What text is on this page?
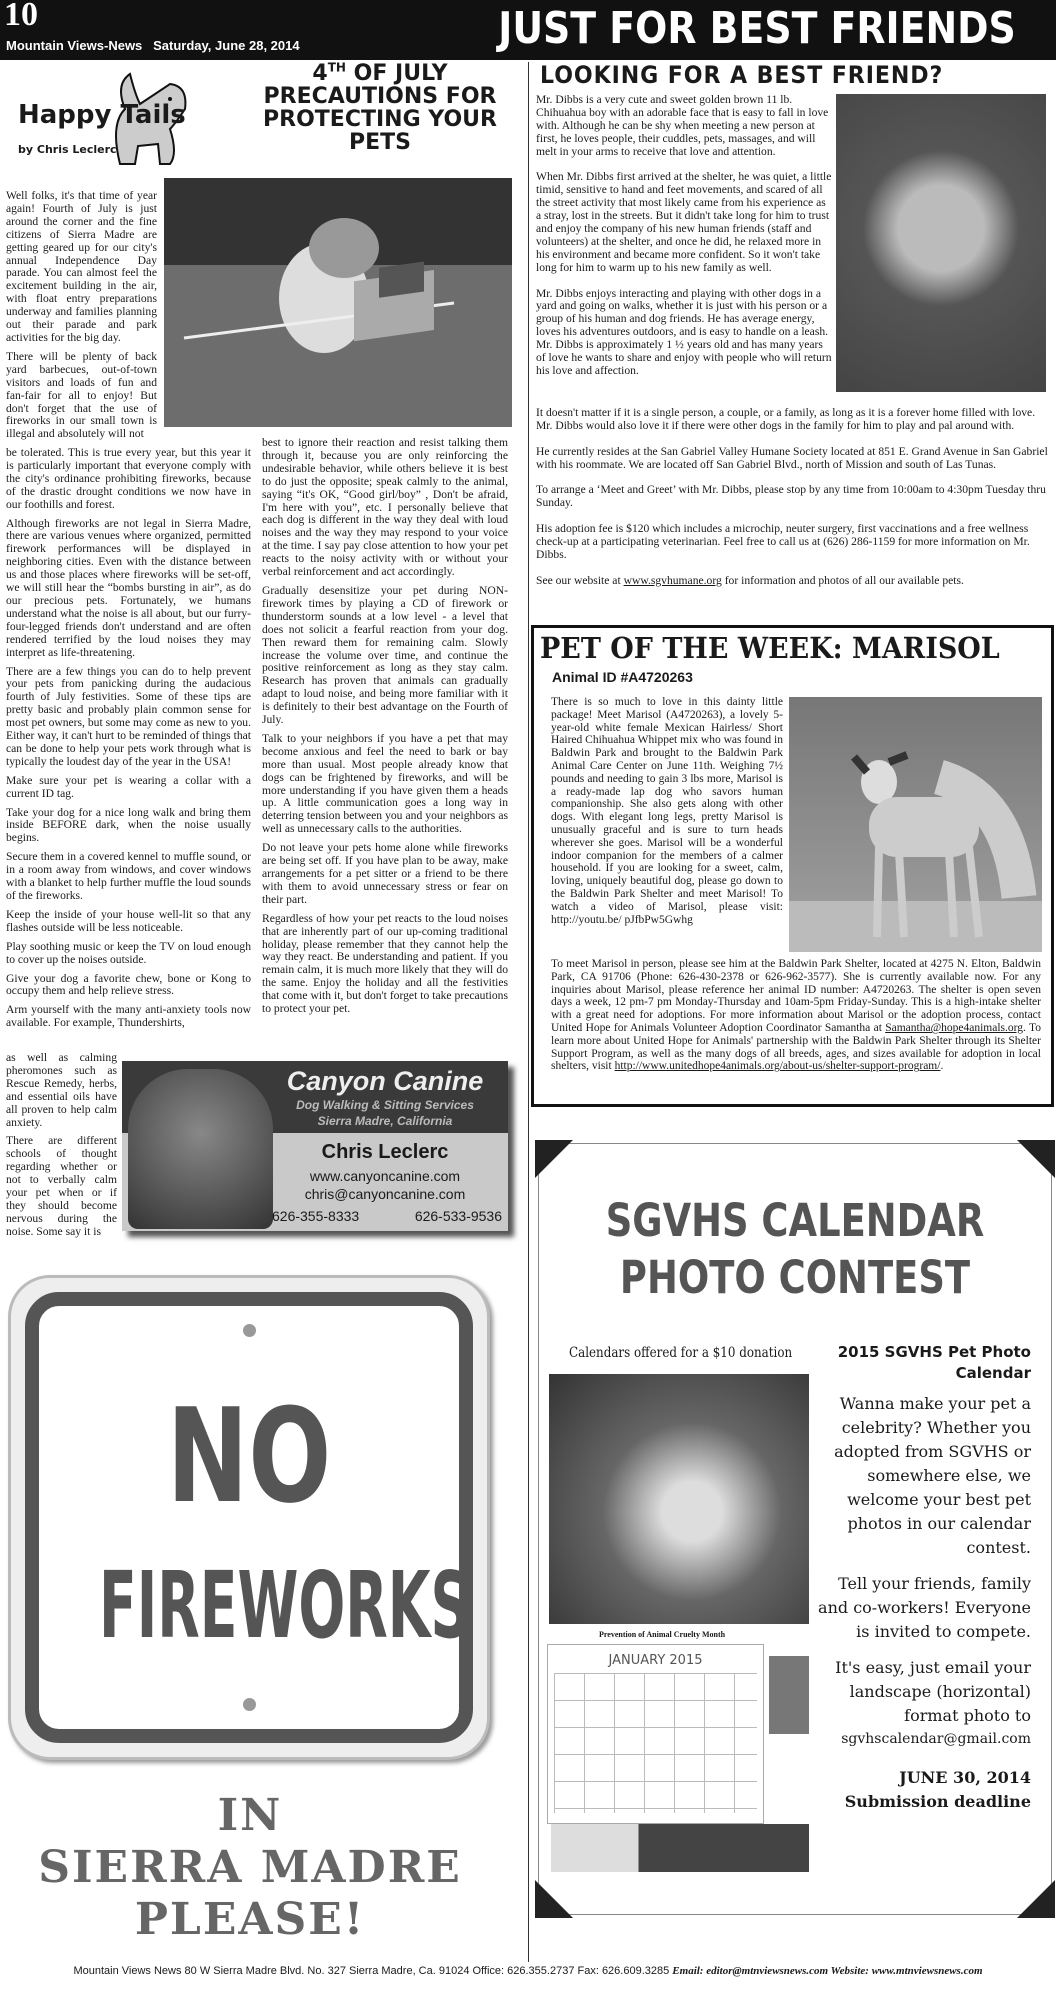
10
Mountain Views-News Saturday, June 28, 2014	JUST FOR BEST FRIENDS
Happy Tails
by Chris Leclerc
4TH OF JULY PRECAUTIONS FOR PROTECTING YOUR PETS

Well folks, it's that time of year again! Fourth of July is just around the corner and the fine citizens of Sierra Madre are getting geared up for our city's annual Independence Day parade. You can almost feel the excitement building in the air, with float entry preparations underway and families planning out their parade and park activities for the big day.

There will be plenty of back yard barbecues, out-of-town visitors and loads of fun and fan-fair for all to enjoy! But don't forget that the use of fireworks in our small town is illegal and absolutely will not

be tolerated. This is true every year, but this year it is particularly important that everyone comply with the city's ordinance prohibiting fireworks, because of the drastic drought conditions we now have in our foothills and forest.

Although fireworks are not legal in Sierra Madre, there are various venues where organized, permitted firework performances will be displayed in neighboring cities. Even with the distance between us and those places where fireworks will be set-off, we will still hear the “bombs bursting in air”, as do our precious pets. Fortunately, we humans understand what the noise is all about, but our furry-four-legged friends don't understand and are often rendered terrified by the loud noises they may interpret as life-threatening.

There are a few things you can do to help prevent your pets from panicking during the audacious fourth of July festivities. Some of these tips are pretty basic and probably plain common sense for most pet owners, but some may come as new to you. Either way, it can't hurt to be reminded of things that can be done to help your pets work through what is typically the loudest day of the year in the USA!

Make sure your pet is wearing a collar with a current ID tag.

Take your dog for a nice long walk and bring them inside BEFORE dark, when the noise usually begins.

Secure them in a covered kennel to muffle sound, or in a room away from windows, and cover windows with a blanket to help further muffle the loud sounds of the fireworks.

Keep the inside of your house well-lit so that any flashes outside will be less noticeable.

Play soothing music or keep the TV on loud enough to cover up the noises outside.

Give your dog a favorite chew, bone or Kong to occupy them and help relieve stress.

Arm yourself with the many anti-anxiety tools now available. For example, Thundershirts,

as well as calming pheromones such as Rescue Remedy, herbs, and essential oils have all proven to help calm anxiety.

There are different schools of thought regarding whether or not to verbally calm your pet when or if they should become nervous during the noise. Some say it is

best to ignore their reaction and resist talking them through it, because you are only reinforcing the undesirable behavior, while others believe it is best to do just the opposite; speak calmly to the animal, saying “it's OK, “Good girl/boy” , Don't be afraid, I'm here with you”, etc. I personally believe that each dog is different in the way they deal with loud noises and the way they may respond to your voice at the time. I say pay close attention to how your pet reacts to the noisy activity with or without your verbal reinforcement and act accordingly.

Gradually desensitize your pet during NON-firework times by playing a CD of firework or thunderstorm sounds at a low level - a level that does not solicit a fearful reaction from your dog. Then reward them for remaining calm. Slowly increase the volume over time, and continue the positive reinforcement as long as they stay calm. Research has proven that animals can gradually adapt to loud noise, and being more familiar with it is definitely to their best advantage on the Fourth of July.

Talk to your neighbors if you have a pet that may become anxious and feel the need to bark or bay more than usual. Most people already know that dogs can be frightened by fireworks, and will be more understanding if you have given them a heads up. A little communication goes a long way in deterring tension between you and your neighbors as well as unnecessary calls to the authorities.

Do not leave your pets home alone while fireworks are being set off. If you have plan to be away, make arrangements for a pet sitter or a friend to be there with them to avoid unnecessary stress or fear on their part.

Regardless of how your pet reacts to the loud noises that are inherently part of our up-coming traditional holiday, please remember that they cannot help the way they react. Be understanding and patient. If you remain calm, it is much more likely that they will do the same. Enjoy the holiday and all the festivities that come with it, but don't forget to take precautions to protect your pet.

Canyon Canine
Dog Walking & Sitting Services
Sierra Madre, California
Chris Leclerc
www.canyoncanine.com
chris@canyoncanine.com
626-355-8333	626-533-9536
NO
FIREWORKS
IN
SIERRA MADRE
PLEASE!
LOOKING FOR A BEST FRIEND?

Mr. Dibbs is a very cute and sweet golden brown 11 lb. Chihuahua boy with an adorable face that is easy to fall in love with. Although he can be shy when meeting a new person at first, he loves people, their cuddles, pets, massages, and will melt in your arms to receive that love and attention.

When Mr. Dibbs first arrived at the shelter, he was quiet, a little timid, sensitive to hand and feet movements, and scared of all the street activity that most likely came from his experience as a stray, lost in the streets. But it didn't take long for him to trust and enjoy the company of his new human friends (staff and volunteers) at the shelter, and once he did, he relaxed more in his environment and became more confident. So it won't take long for him to warm up to his new family as well.

Mr. Dibbs enjoys interacting and playing with other dogs in a yard and going on walks, whether it is just with his person or a group of his human and dog friends. He has average energy, loves his adventures outdoors, and is easy to handle on a leash. Mr. Dibbs is approximately 1 ½ years old and has many years of love he wants to share and enjoy with people who will return his love and affection.

It doesn't matter if it is a single person, a couple, or a family, as long as it is a forever home filled with love. Mr. Dibbs would also love it if there were other dogs in the family for him to play and pal around with.

He currently resides at the San Gabriel Valley Humane Society located at 851 E. Grand Avenue in San Gabriel with his roommate. We are located off San Gabriel Blvd., north of Mission and south of Las Tunas.

To arrange a ‘Meet and Greet’ with Mr. Dibbs, please stop by any time from 10:00am to 4:30pm Tuesday thru Sunday.

His adoption fee is $120 which includes a microchip, neuter surgery, first vaccinations and a free wellness check-up at a participating veterinarian. Feel free to call us at (626) 286-1159 for more information on Mr. Dibbs.

See our website at www.sgvhumane.org for information and photos of all our available pets.

PET OF THE WEEK: MARISOL
Animal ID #A4720263
There is so much to love in this dainty little package! Meet Marisol (A4720263), a lovely 5-year-old white female Mexican Hairless/ Short Haired Chihuahua Whippet mix who was found in Baldwin Park and brought to the Baldwin Park Animal Care Center on June 11th. Weighing 7½ pounds and needing to gain 3 lbs more, Marisol is a ready-made lap dog who savors human companionship. She also gets along with other dogs. With elegant long legs, pretty Marisol is unusually graceful and is sure to turn heads wherever she goes. Marisol will be a wonderful indoor companion for the members of a calmer household. If you are looking for a sweet, calm, loving, uniquely beautiful dog, please go down to the Baldwin Park Shelter and meet Marisol! To watch a video of Marisol, please visit: http://youtu.be/ pJfbPw5Gwhg
To meet Marisol in person, please see him at the Baldwin Park Shelter, located at 4275 N. Elton, Baldwin Park, CA 91706 (Phone: 626-430-2378 or 626-962-3577). She is currently available now. For any inquiries about Marisol, please reference her animal ID number: A4720263. The shelter is open seven days a week, 12 pm-7 pm Monday-Thursday and 10am-5pm Friday-Sunday. This is a high-intake shelter with a great need for adoptions. For more information about Marisol or the adoption process, contact United Hope for Animals Volunteer Adoption Coordinator Samantha at Samantha@hope4animals.org. To learn more about United Hope for Animals' partnership with the Baldwin Park Shelter through its Shelter Support Program, as well as the many dogs of all breeds, ages, and sizes available for adoption in local shelters, visit http://www.unitedhope4animals.org/about-us/shelter-support-program/.
SGVHS CALENDAR
PHOTO CONTEST
Calendars offered for a $10 donation
Prevention of Animal Cruelty Month
JANUARY 2015
2015 SGVHS Pet Photo Calendar

Wanna make your pet a celebrity? Whether you adopted from SGVHS or somewhere else, we welcome your best pet photos in our calendar contest.

Tell your friends, family and co-workers! Everyone is invited to compete.

It's easy, just email your landscape (horizontal) format photo to

sgvhscalendar@gmail.com
JUNE 30, 2014
Submission deadline
Mountain Views News 80 W Sierra Madre Blvd. No. 327 Sierra Madre, Ca. 91024 Office: 626.355.2737 Fax: 626.609.3285 Email: editor@mtnviewsnews.com Website: www.mtnviewsnews.com
